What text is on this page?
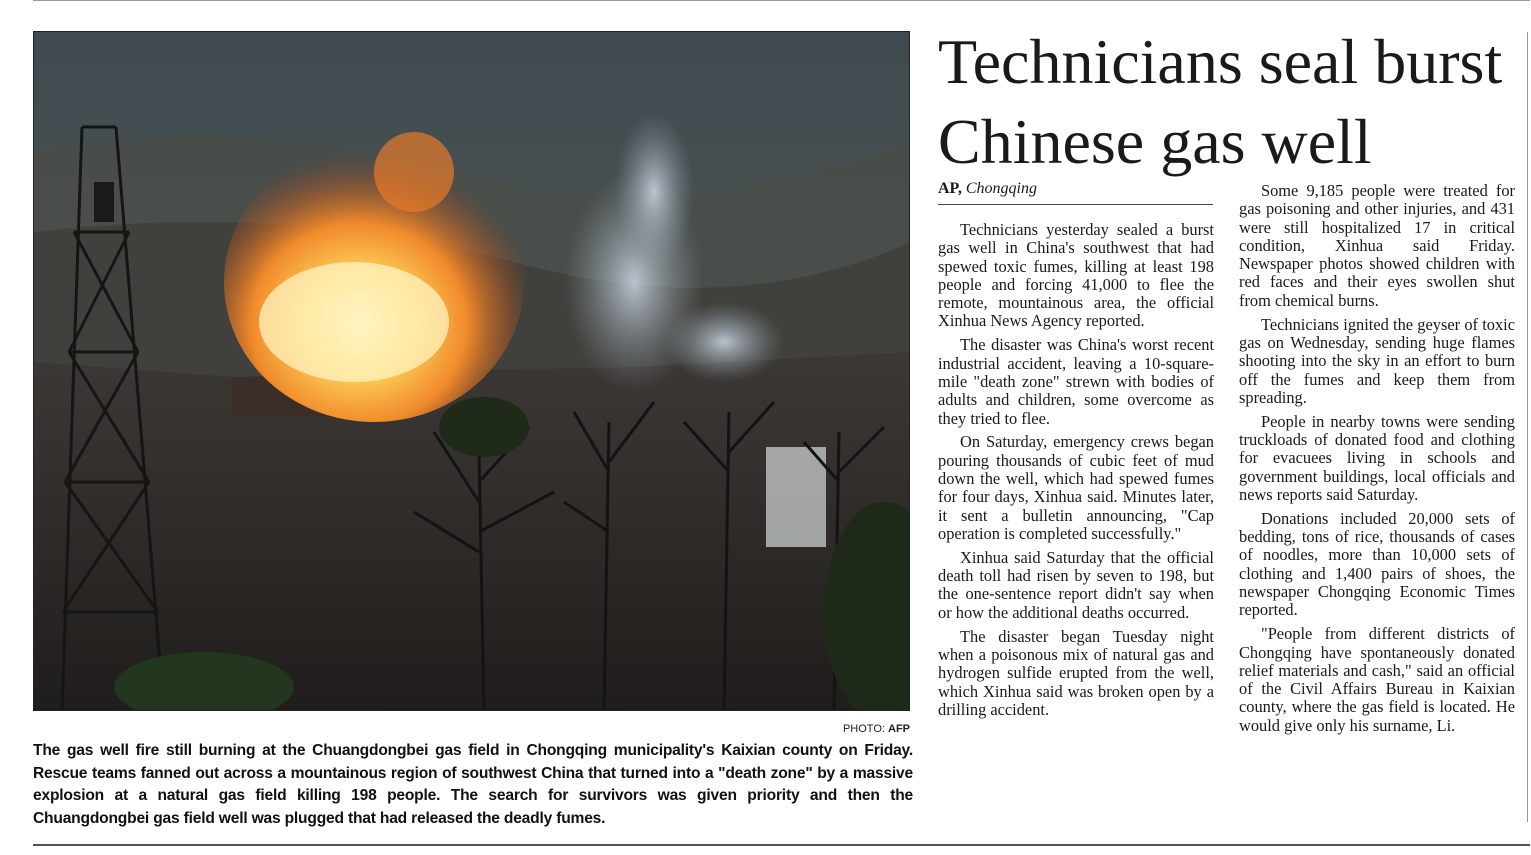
PHOTO: AFP
The gas well fire still burning at the Chuangdongbei gas field in Chongqing municipality's Kaixian county on Friday. Rescue teams fanned out across a mountainous region of southwest China that turned into a "death zone" by a massive explosion at a natural gas field killing 198 people. The search for survivors was given priority and then the Chuangdongbei gas field well was plugged that had released the deadly fumes.
Technicians seal burst Chinese gas well
AP, Chongqing

Technicians yesterday sealed a burst gas well in China's southwest that had spewed toxic fumes, killing at least 198 people and forcing 41,000 to flee the remote, mountainous area, the official Xinhua News Agency reported.

The disaster was China's worst recent industrial accident, leaving a 10-square-mile "death zone" strewn with bodies of adults and children, some overcome as they tried to flee.

On Saturday, emergency crews began pouring thousands of cubic feet of mud down the well, which had spewed fumes for four days, Xinhua said. Minutes later, it sent a bulletin announcing, "Cap operation is completed successfully."

Xinhua said Saturday that the official death toll had risen by seven to 198, but the one-sentence report didn't say when or how the additional deaths occurred.

The disaster began Tuesday night when a poisonous mix of natural gas and hydrogen sulfide erupted from the well, which Xinhua said was broken open by a drilling accident.

Some 9,185 people were treated for gas poisoning and other injuries, and 431 were still hospitalized 17 in critical condition, Xinhua said Friday. Newspaper photos showed children with red faces and their eyes swollen shut from chemical burns.

Technicians ignited the geyser of toxic gas on Wednesday, sending huge flames shooting into the sky in an effort to burn off the fumes and keep them from spreading.

People in nearby towns were sending truckloads of donated food and clothing for evacuees living in schools and government buildings, local officials and news reports said Saturday.

Donations included 20,000 sets of bedding, tons of rice, thousands of cases of noodles, more than 10,000 sets of clothing and 1,400 pairs of shoes, the newspaper Chongqing Economic Times reported.

"People from different districts of Chongqing have spontaneously donated relief materials and cash," said an official of the Civil Affairs Bureau in Kaixian county, where the gas field is located. He would give only his surname, Li.
